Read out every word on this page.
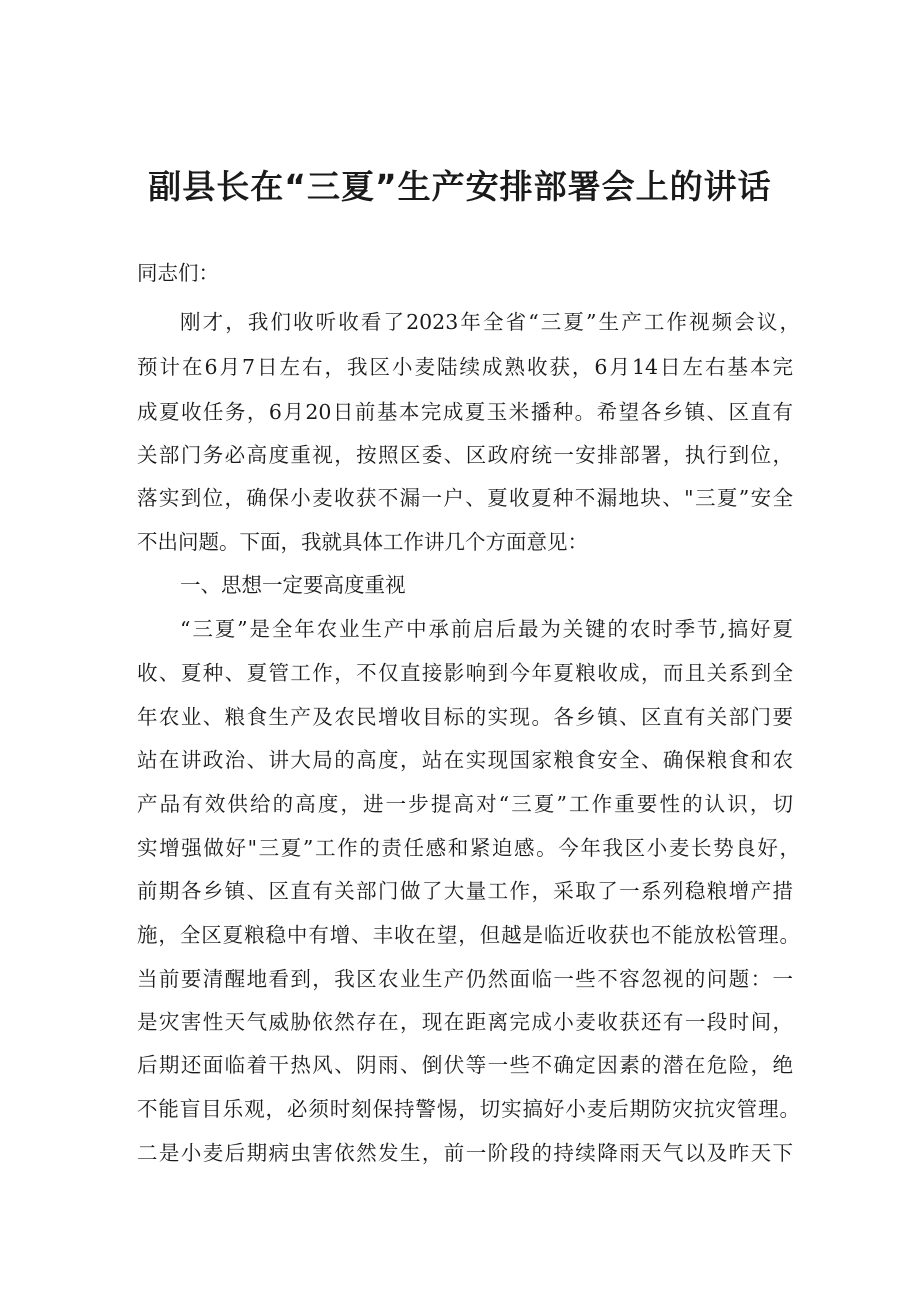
副县长在“三夏”生产安排部署会上的讲话

同志们：

刚才，我们收听收看了2023年全省“三夏”生产工作视频会议，

预计在6月7日左右，我区小麦陆续成熟收获，6月14日左右基本完

成夏收任务，6月20日前基本完成夏玉米播种。希望各乡镇、区直有

关部门务必高度重视，按照区委、区政府统一安排部署，执行到位，

落实到位，确保小麦收获不漏一户、夏收夏种不漏地块、"三夏”安全

不出问题。下面，我就具体工作讲几个方面意见：

一、思想一定要高度重视

“三夏”是全年农业生产中承前启后最为关键的农时季节,搞好夏

收、夏种、夏管工作，不仅直接影响到今年夏粮收成，而且关系到全

年农业、粮食生产及农民增收目标的实现。各乡镇、区直有关部门要

站在讲政治、讲大局的高度，站在实现国家粮食安全、确保粮食和农

产品有效供给的高度，进一步提高对“三夏”工作重要性的认识，切

实增强做好"三夏”工作的责任感和紧迫感。今年我区小麦长势良好，

前期各乡镇、区直有关部门做了大量工作，采取了一系列稳粮增产措

施，全区夏粮稳中有增、丰收在望，但越是临近收获也不能放松管理。

当前要清醒地看到，我区农业生产仍然面临一些不容忽视的问题：一

是灾害性天气威胁依然存在，现在距离完成小麦收获还有一段时间，

后期还面临着干热风、阴雨、倒伏等一些不确定因素的潜在危险，绝

不能盲目乐观，必须时刻保持警惕，切实搞好小麦后期防灾抗灾管理。

二是小麦后期病虫害依然发生，前一阶段的持续降雨天气以及昨天下
